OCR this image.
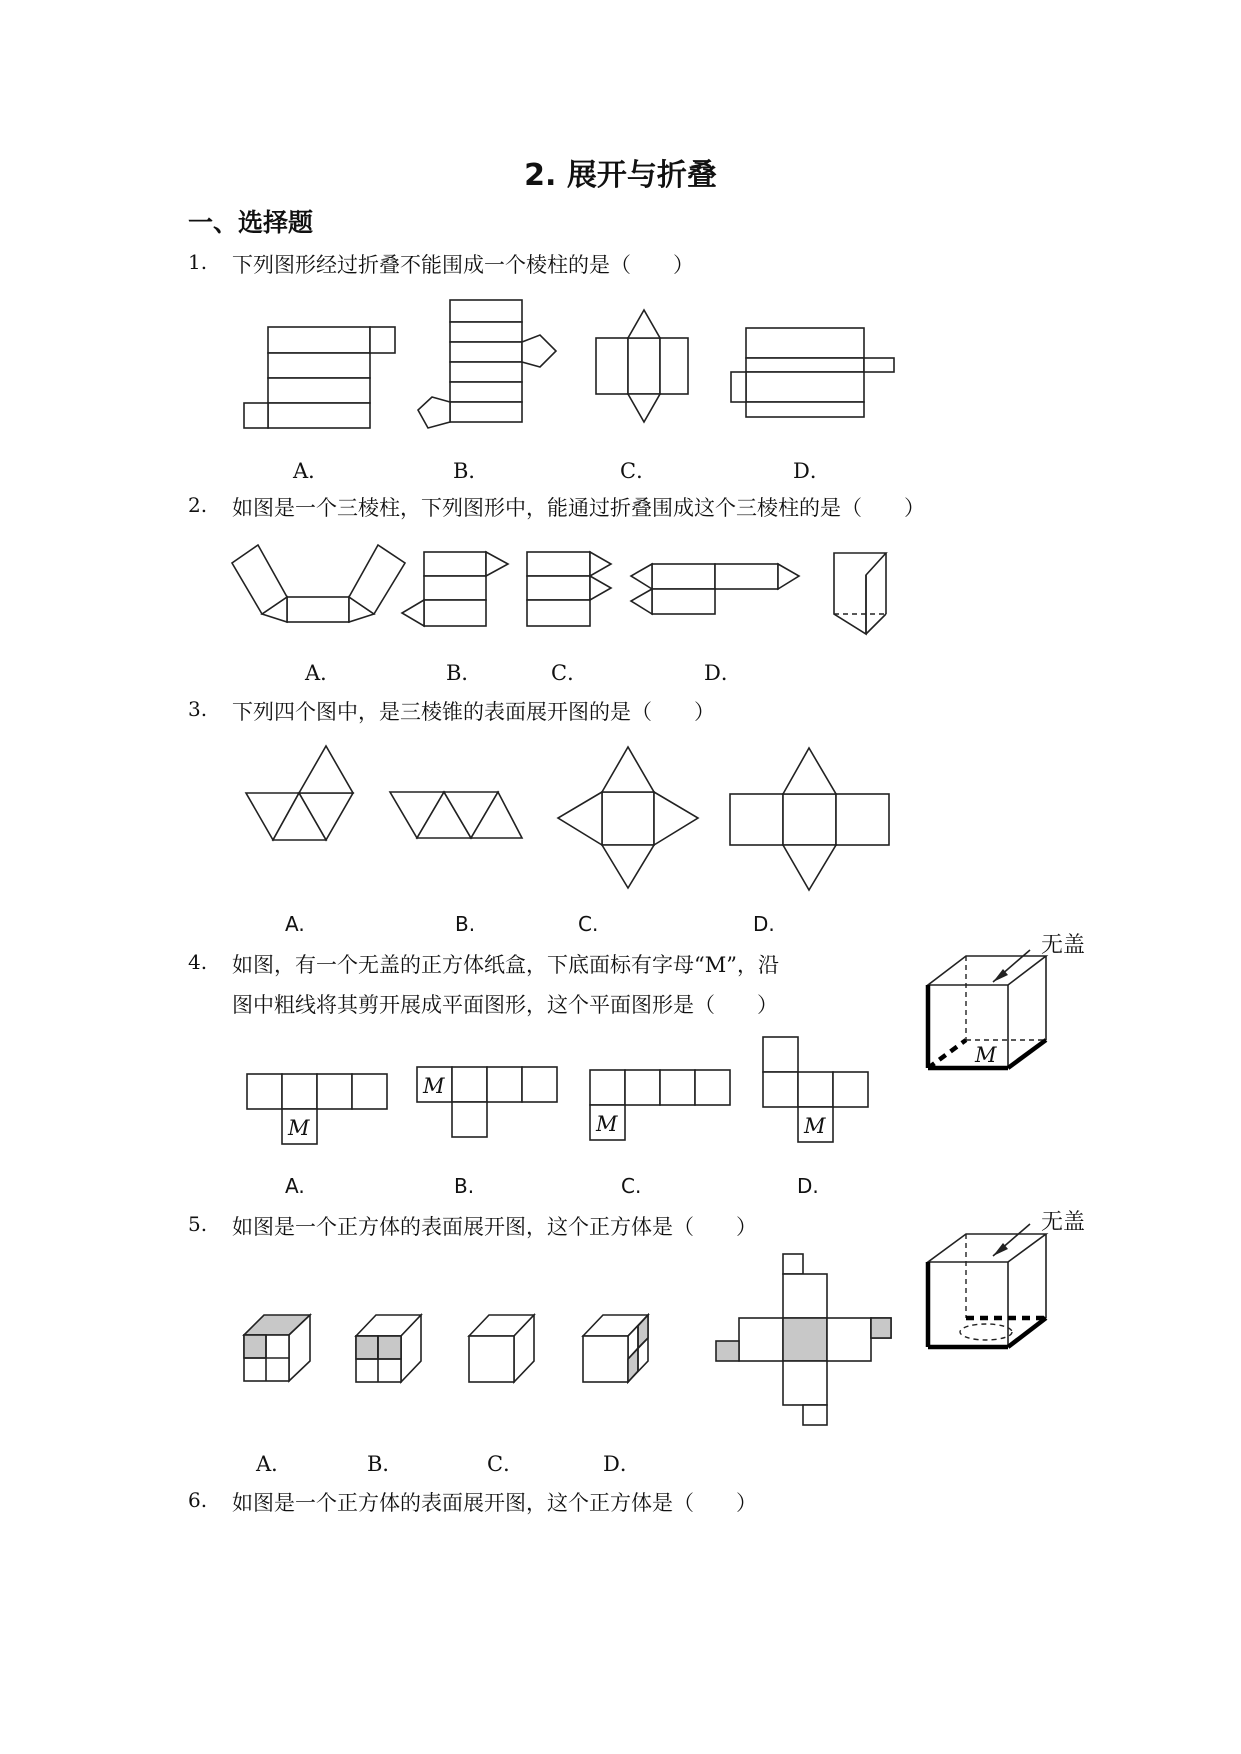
2. 展开与折叠
一、选择题
1. 下列图形经过折叠不能围成一个棱柱的是（　　）
A．	B．	C．	D．
2. 如图是一个三棱柱，下列图形中，能通过折叠围成这个三棱柱的是（　　）
A．	B．	C．	D．
3. 下列四个图中，是三棱锥的表面展开图的是（　　）
A.	B.	C.	D.
4. 如图，有一个无盖的正方体纸盒，下底面标有字母“M”，沿
图中粗线将其剪开展成平面图形，这个平面图形是（　　）
无盖
M
M
M
M	M
A.	B.	C.	D.
5. 如图是一个正方体的表面展开图，这个正方体是（　　）	无盖
A．	B．	C．	D．
6. 如图是一个正方体的表面展开图，这个正方体是（　　）
